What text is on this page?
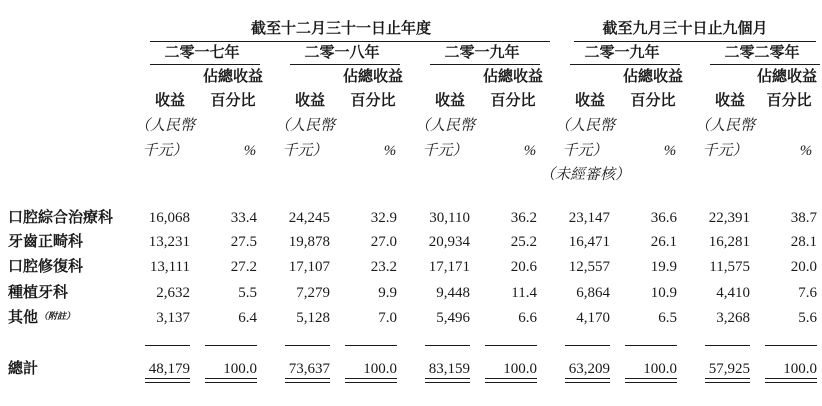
截至十二月三十一日止年度	截至九月三十日止九個月
二零一七年	二零一八年	二零一九年	二零一九年	二零二零年
佔總收益	佔總收益	佔總收益	佔總收益	佔總收益
收益	百分比	收益	百分比	收益	百分比	收益	百分比	收益	百分比
（人民幣	（人民幣	（人民幣	（人民幣	（人民幣
千元）	%	千元）	%	千元）	%	千元）	%	千元）	%
（未經審核）
口腔綜合治療科	16,068	33.4	24,245	32.9	30,110	36.2	23,147	36.6	22,391	38.7
牙齒正畸科	13,231	27.5	19,878	27.0	20,934	25.2	16,471	26.1	16,281	28.1
口腔修復科	13,111	27.2	17,107	23.2	17,171	20.6	12,557	19.9	11,575	20.0
種植牙科	2,632	5.5	7,279	9.9	9,448	11.4	6,864	10.9	4,410	7.6
其他$^{(附註)}$	3,137	6.4	5,128	7.0	5,496	6.6	4,170	6.5	3,268	5.6
總計	48,179	100.0	73,637	100.0	83,159	100.0	63,209	100.0	57,925	100.0
